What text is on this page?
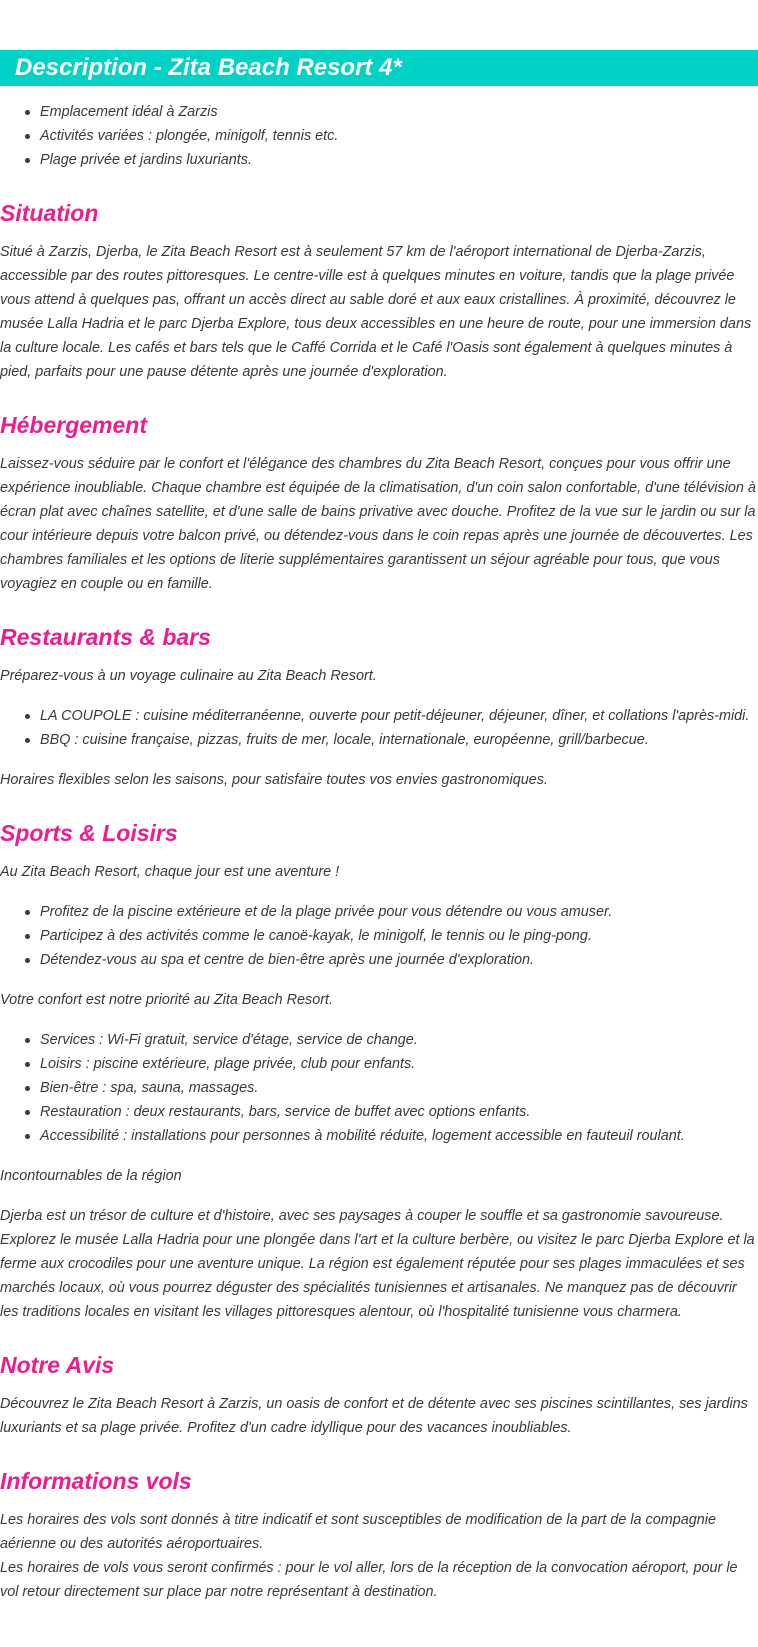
Description - Zita Beach Resort 4*
Emplacement idéal à Zarzis
Activités variées : plongée, minigolf, tennis etc.
Plage privée et jardins luxuriants.
Situation

Situé à Zarzis, Djerba, le Zita Beach Resort est à seulement 57 km de l'aéroport international de Djerba-Zarzis, accessible par des routes pittoresques. Le centre-ville est à quelques minutes en voiture, tandis que la plage privée vous attend à quelques pas, offrant un accès direct au sable doré et aux eaux cristallines. À proximité, découvrez le musée Lalla Hadria et le parc Djerba Explore, tous deux accessibles en une heure de route, pour une immersion dans la culture locale. Les cafés et bars tels que le Caffé Corrida et le Café l'Oasis sont également à quelques minutes à pied, parfaits pour une pause détente après une journée d'exploration.

Hébergement

Laissez-vous séduire par le confort et l'élégance des chambres du Zita Beach Resort, conçues pour vous offrir une expérience inoubliable. Chaque chambre est équipée de la climatisation, d'un coin salon confortable, d'une télévision à écran plat avec chaînes satellite, et d'une salle de bains privative avec douche. Profitez de la vue sur le jardin ou sur la cour intérieure depuis votre balcon privé, ou détendez-vous dans le coin repas après une journée de découvertes. Les chambres familiales et les options de literie supplémentaires garantissent un séjour agréable pour tous, que vous voyagiez en couple ou en famille.

Restaurants & bars

Préparez-vous à un voyage culinaire au Zita Beach Resort.

LA COUPOLE : cuisine méditerranéenne, ouverte pour petit-déjeuner, déjeuner, dîner, et collations l'après-midi.
BBQ : cuisine française, pizzas, fruits de mer, locale, internationale, européenne, grill/barbecue.

Horaires flexibles selon les saisons, pour satisfaire toutes vos envies gastronomiques.

Sports & Loisirs

Au Zita Beach Resort, chaque jour est une aventure !

Profitez de la piscine extérieure et de la plage privée pour vous détendre ou vous amuser.
Participez à des activités comme le canoë-kayak, le minigolf, le tennis ou le ping-pong.
Détendez-vous au spa et centre de bien-être après une journée d'exploration.

Votre confort est notre priorité au Zita Beach Resort.

Services : Wi-Fi gratuit, service d'étage, service de change.
Loisirs : piscine extérieure, plage privée, club pour enfants.
Bien-être : spa, sauna, massages.
Restauration : deux restaurants, bars, service de buffet avec options enfants.
Accessibilité : installations pour personnes à mobilité réduite, logement accessible en fauteuil roulant.

Incontournables de la région

Djerba est un trésor de culture et d'histoire, avec ses paysages à couper le souffle et sa gastronomie savoureuse. Explorez le musée Lalla Hadria pour une plongée dans l'art et la culture berbère, ou visitez le parc Djerba Explore et la ferme aux crocodiles pour une aventure unique. La région est également réputée pour ses plages immaculées et ses marchés locaux, où vous pourrez déguster des spécialités tunisiennes et artisanales. Ne manquez pas de découvrir les traditions locales en visitant les villages pittoresques alentour, où l'hospitalité tunisienne vous charmera.

Notre Avis

Découvrez le Zita Beach Resort à Zarzis, un oasis de confort et de détente avec ses piscines scintillantes, ses jardins luxuriants et sa plage privée. Profitez d'un cadre idyllique pour des vacances inoubliables.

Informations vols

Les horaires des vols sont donnés à titre indicatif et sont susceptibles de modification de la part de la compagnie aérienne ou des autorités aéroportuaires.

Les horaires de vols vous seront confirmés : pour le vol aller, lors de la réception de la convocation aéroport, pour le vol retour directement sur place par notre représentant à destination.
